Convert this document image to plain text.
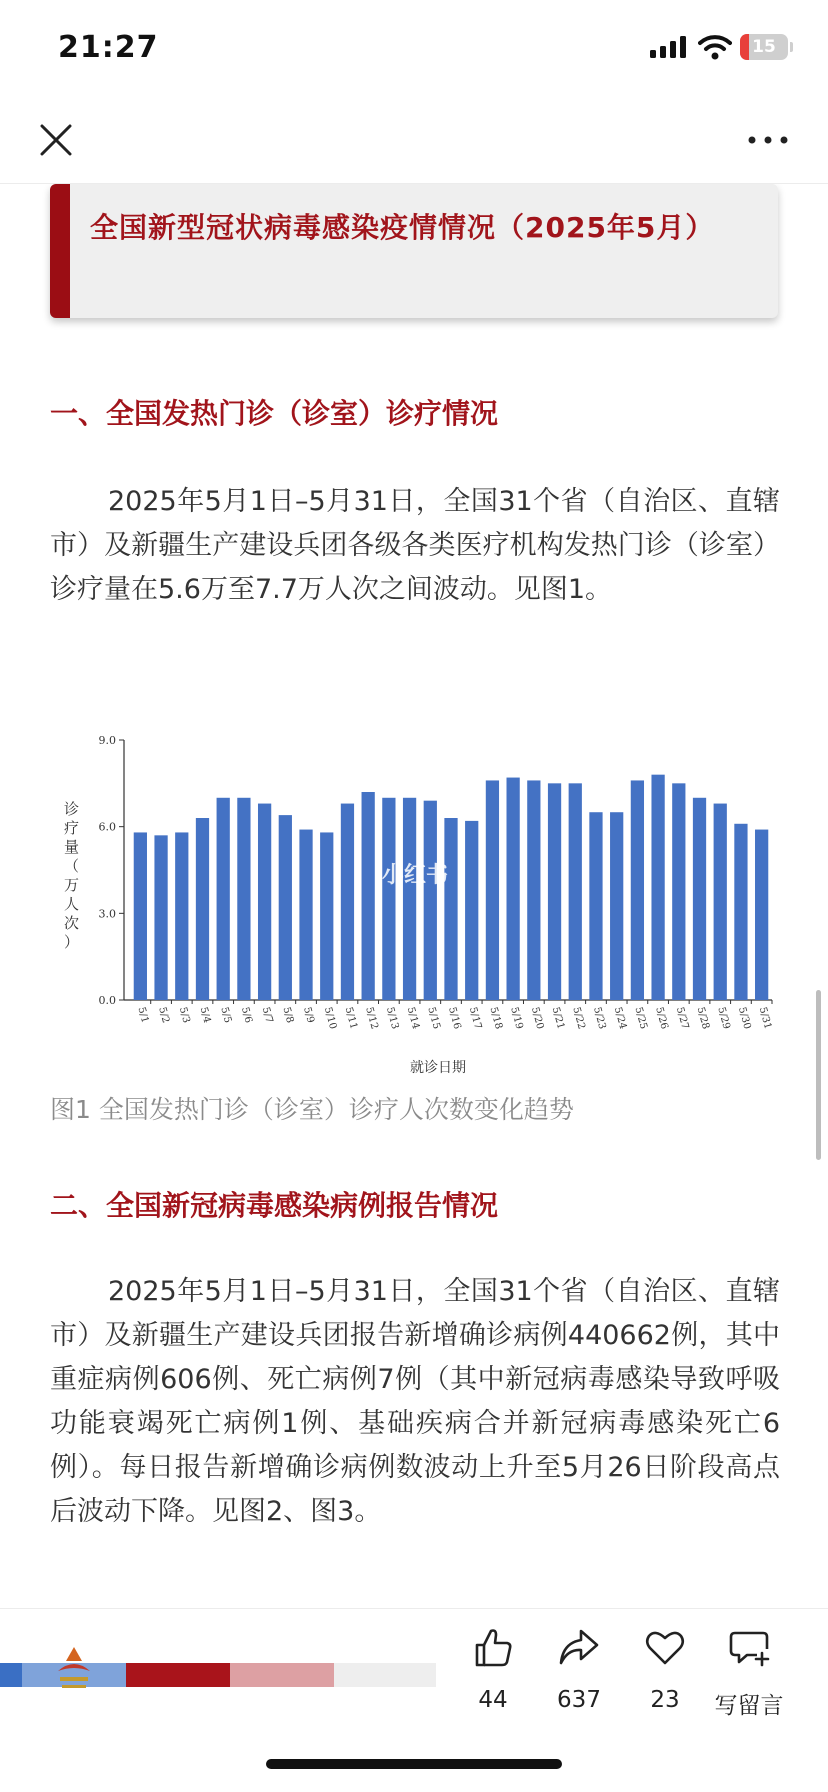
21:27	15
全国新型冠状病毒感染疫情情况（2025年5月）
一、全国发热门诊（诊室）诊疗情况
2025年5月1日–5月31日，全国31个省（自治区、直辖市）及新疆生产建设兵团各级各类医疗机构发热门诊（诊室）诊疗量在5.6万至7.7万人次之间波动。见图1。
0.0
3.0
6.0
9.0
诊疗量（万人次）
5/1 5/2 5/3 5/4 5/5 5/6 5/7 5/8 5/9 5/10 5/11 5/12 5/13 5/14 5/15 5/16 5/17 5/18 5/19 5/20 5/21 5/22 5/23 5/24 5/25 5/26 5/27 5/28 5/29 5/30 5/31
就诊日期
小红书
图1 全国发热门诊（诊室）诊疗人次数变化趋势
二、全国新冠病毒感染病例报告情况
2025年5月1日–5月31日，全国31个省（自治区、直辖市）及新疆生产建设兵团报告新增确诊病例440662例，其中重症病例606例、死亡病例7例（其中新冠病毒感染导致呼吸功能衰竭死亡病例1例、基础疾病合并新冠病毒感染死亡6例）。每日报告新增确诊病例数波动上升至5月26日阶段高点后波动下降。见图2、图3。
44	637	23	写留言
